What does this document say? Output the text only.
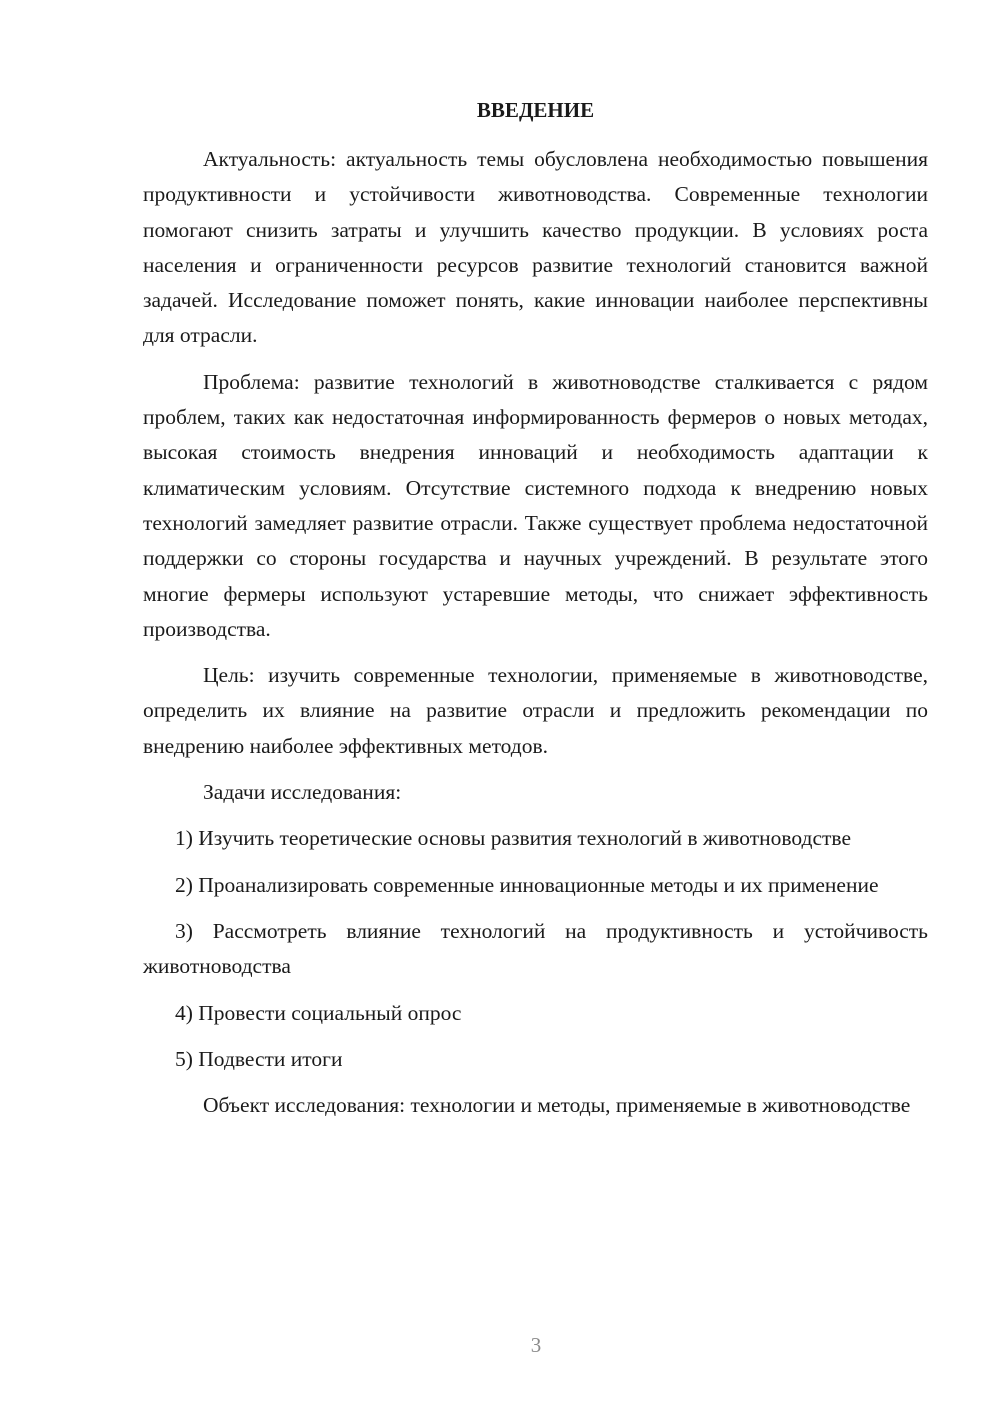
ВВЕДЕНИЕ

Актуальность: актуальность темы обусловлена необходимостью повышения продуктивности и устойчивости животноводства. Современные технологии помогают снизить затраты и улучшить качество продукции. В условиях роста населения и ограниченности ресурсов развитие технологий становится важной задачей. Исследование поможет понять, какие инновации наиболее перспективны для отрасли.

Проблема: развитие технологий в животноводстве сталкивается с рядом проблем, таких как недостаточная информированность фермеров о новых методах, высокая стоимость внедрения инноваций и необходимость адаптации к климатическим условиям. Отсутствие системного подхода к внедрению новых технологий замедляет развитие отрасли. Также существует проблема недостаточной поддержки со стороны государства и научных учреждений. В результате этого многие фермеры используют устаревшие методы, что снижает эффективность производства.

Цель: изучить современные технологии, применяемые в животноводстве, определить их влияние на развитие отрасли и предложить рекомендации по внедрению наиболее эффективных методов.

Задачи исследования:

1) Изучить теоретические основы развития технологий в животноводстве

2) Проанализировать современные инновационные методы и их применение

3) Рассмотреть влияние технологий на продуктивность и устойчивость животноводства

4) Провести социальный опрос

5) Подвести итоги

Объект исследования: технологии и методы, применяемые в животноводстве

3
